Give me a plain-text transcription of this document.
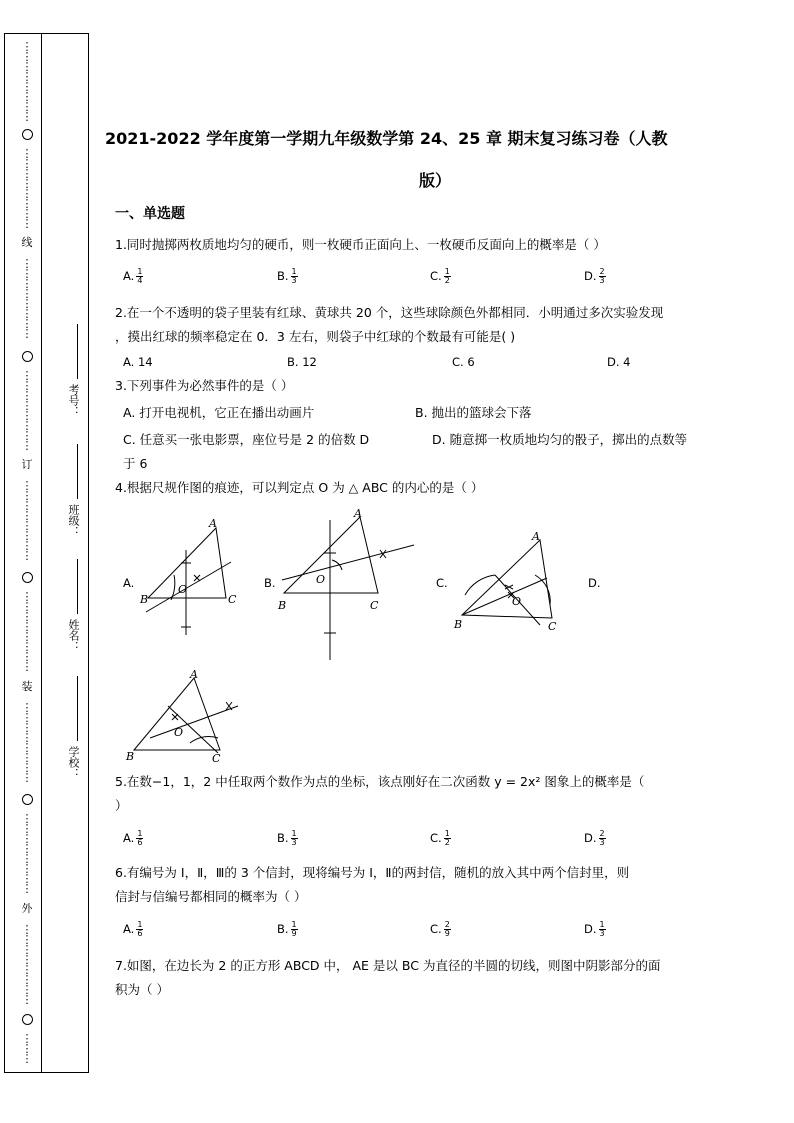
⋮
⋮
⋮
⋮
⋮
⋮
⋮
⋮
⋮
⋮
⋮
⋮
⋮
⋮
⋮
⋮
线
⋮
⋮
⋮
⋮
⋮
⋮
⋮
⋮
⋮
⋮
⋮
⋮
⋮
⋮
⋮
⋮
订
⋮
⋮
⋮
⋮
⋮
⋮
⋮
⋮
⋮
⋮
⋮
⋮
⋮
⋮
⋮
⋮
装
⋮
⋮
⋮
⋮
⋮
⋮
⋮
⋮
⋮
⋮
⋮
⋮
⋮
⋮
⋮
⋮
外
⋮
⋮
⋮
⋮
⋮
⋮
⋮
⋮
⋮
⋮
⋮
考号：
班级：
姓名：
学校：
2021-2022 学年度第一学期九年级数学第 24、25 章 期末复习练习卷（人教
版）
一、单选题
1.同时抛掷两枚质地均匀的硬币，则一枚硬币正面向上、一枚硬币反面向上的概率是（ ）
A. $\frac{1}{4}$	B. $\frac{1}{3}$	C. $\frac{1}{2}$	D. $\frac{2}{3}$
2.在一个不透明的袋子里装有红球、黄球共 20 个，这些球除颜色外都相同．小明通过多次实验发现
，摸出红球的频率稳定在 0．3 左右，则袋子中红球的个数最有可能是( )
A. 14	B. 12	C. 6	D. 4
3.下列事件为必然事件的是（ ）
A. 打开电视机，它正在播出动画片	B. 抛出的篮球会下落
C. 任意买一张电影票，座位号是 2 的倍数 D	D. 随意掷一枚质地均匀的骰子，掷出的点数等
于 6
4.根据尺规作图的痕迹，可以判定点 O 为 △ ABC 的内心的是（ ）
A.	B.	C.	D.
A
B	C
O
A
B	C
O
A
B	C
O
A
B	C
O
5.在数−1，1，2 中任取两个数作为点的坐标，该点刚好在二次函数 y = 2x² 图象上的概率是（
）
A. $\frac{1}{6}$	B. $\frac{1}{3}$	C. $\frac{1}{2}$	D. $\frac{2}{3}$
6.有编号为 Ⅰ，Ⅱ，Ⅲ的 3 个信封，现将编号为 Ⅰ，Ⅱ的两封信，随机的放入其中两个信封里，则
信封与信编号都相同的概率为（ ）
A. $\frac{1}{6}$	B. $\frac{1}{9}$	C. $\frac{2}{9}$	D. $\frac{1}{3}$
7.如图，在边长为 2 的正方形 ABCD 中， AE 是以 BC 为直径的半圆的切线，则图中阴影部分的面
积为（ ）
